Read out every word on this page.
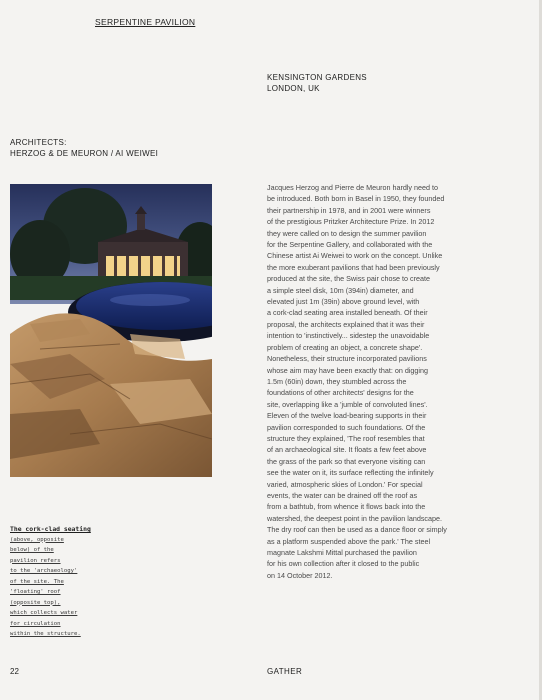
SERPENTINE PAVILION
KENSINGTON GARDENS
LONDON, UK
ARCHITECTS:
HERZOG & DE MEURON / AI WEIWEI
Jacques Herzog and Pierre de Meuron hardly need to
be introduced. Both born in Basel in 1950, they founded
their partnership in 1978, and in 2001 were winners
of the prestigious Pritzker Architecture Prize. In 2012
they were called on to design the summer pavilion
for the Serpentine Gallery, and collaborated with the
Chinese artist Ai Weiwei to work on the concept. Unlike
the more exuberant pavilions that had been previously
produced at the site, the Swiss pair chose to create
a simple steel disk, 10m (394in) diameter, and
elevated just 1m (39in) above ground level, with
a cork-clad seating area installed beneath. Of their
proposal, the architects explained that it was their
intention to 'instinctively... sidestep the unavoidable
problem of creating an object, a concrete shape'.
Nonetheless, their structure incorporated pavilions
whose aim may have been exactly that: on digging
1.5m (60in) down, they stumbled across the
foundations of other architects' designs for the
site, overlapping like a 'jumble of convoluted lines'.
Eleven of the twelve load-bearing supports in their
pavilion corresponded to such foundations. Of the
structure they explained, 'The roof resembles that
of an archaeological site. It floats a few feet above
the grass of the park so that everyone visiting can
see the water on it, its surface reflecting the infinitely
varied, atmospheric skies of London.' For special
events, the water can be drained off the roof as
from a bathtub, from whence it flows back into the
watershed, the deepest point in the pavilion landscape.
The dry roof can then be used as a dance floor or simply
as a platform suspended above the park.' The steel
magnate Lakshmi Mittal purchased the pavilion
for his own collection after it closed to the public
on 14 October 2012.
The cork-clad seating
(above, opposite
below) of the
pavilion refers
to the 'archaeology'
of the site. The
'floating' roof
(opposite top),
which collects water
for circulation
within the structure.
22	GATHER
